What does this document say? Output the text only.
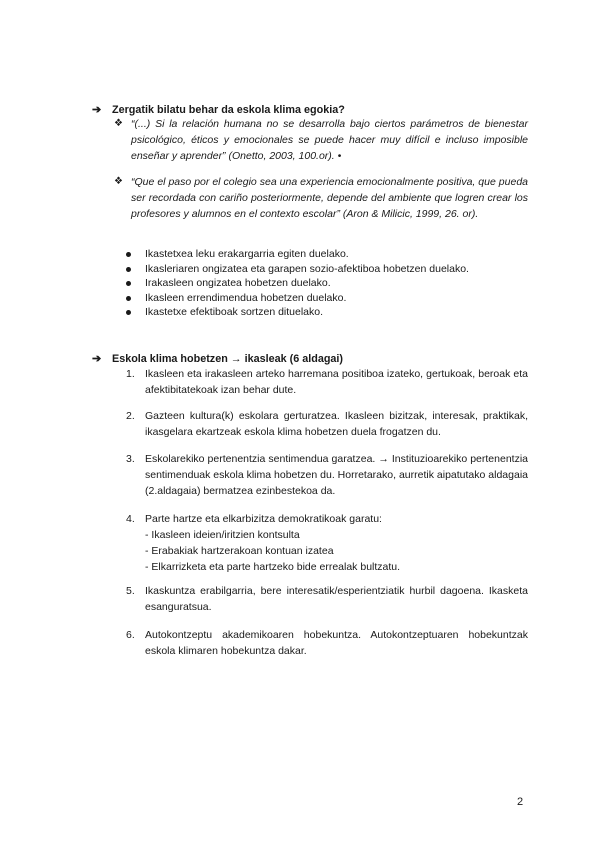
➔ Zergatik bilatu behar da eskola klima egokia?
❖ “(...) Si la relación humana no se desarrolla bajo ciertos parámetros de bienestar psicológico, éticos y emocionales se puede hacer muy difícil e incluso imposible enseñar y aprender” (Onetto, 2003, 100.or). •
❖ “Que el paso por el colegio sea una experiencia emocionalmente positiva, que pueda ser recordada con cariño posteriormente, depende del ambiente que logren crear los profesores y alumnos en el contexto escolar” (Aron & Milicic, 1999, 26. or).
Ikastetxea leku erakargarria egiten duelako.
Ikasleriaren ongizatea eta garapen sozio-afektiboa hobetzen duelako.
Irakasleen ongizatea hobetzen duelako.
Ikasleen errendimendua hobetzen duelako.
Ikastetxe efektiboak sortzen dituelako.
➔ Eskola klima hobetzen → ikasleak (6 aldagai)
1. Ikasleen eta irakasleen arteko harremana positiboa izateko, gertukoak, beroak eta afektibitatekoak izan behar dute.
2. Gazteen kultura(k) eskolara gerturatzea. Ikasleen bizitzak, interesak, praktikak, ikasgelara ekartzeak eskola klima hobetzen duela frogatzen du.
3. Eskolarekiko pertenentzia sentimendua garatzea. → Instituzioarekiko pertenentzia sentimenduak eskola klima hobetzen du. Horretarako, aurretik aipatutako aldagaia (2.aldagaia) bermatzea ezinbestekoa da.
4. Parte hartze eta elkarbizitza demokratikoak garatu:
- Ikasleen ideien/iritzien kontsulta
- Erabakiak hartzerakoan kontuan izatea
- Elkarrizketa eta parte hartzeko bide errealak bultzatu.
5. Ikaskuntza erabilgarria, bere interesatik/esperientziatik hurbil dagoena. Ikasketa esanguratsua.
6. Autokontzeptu akademikoaren hobekuntza. Autokontzeptuaren hobekuntzak eskola klimaren hobekuntza dakar.
2
